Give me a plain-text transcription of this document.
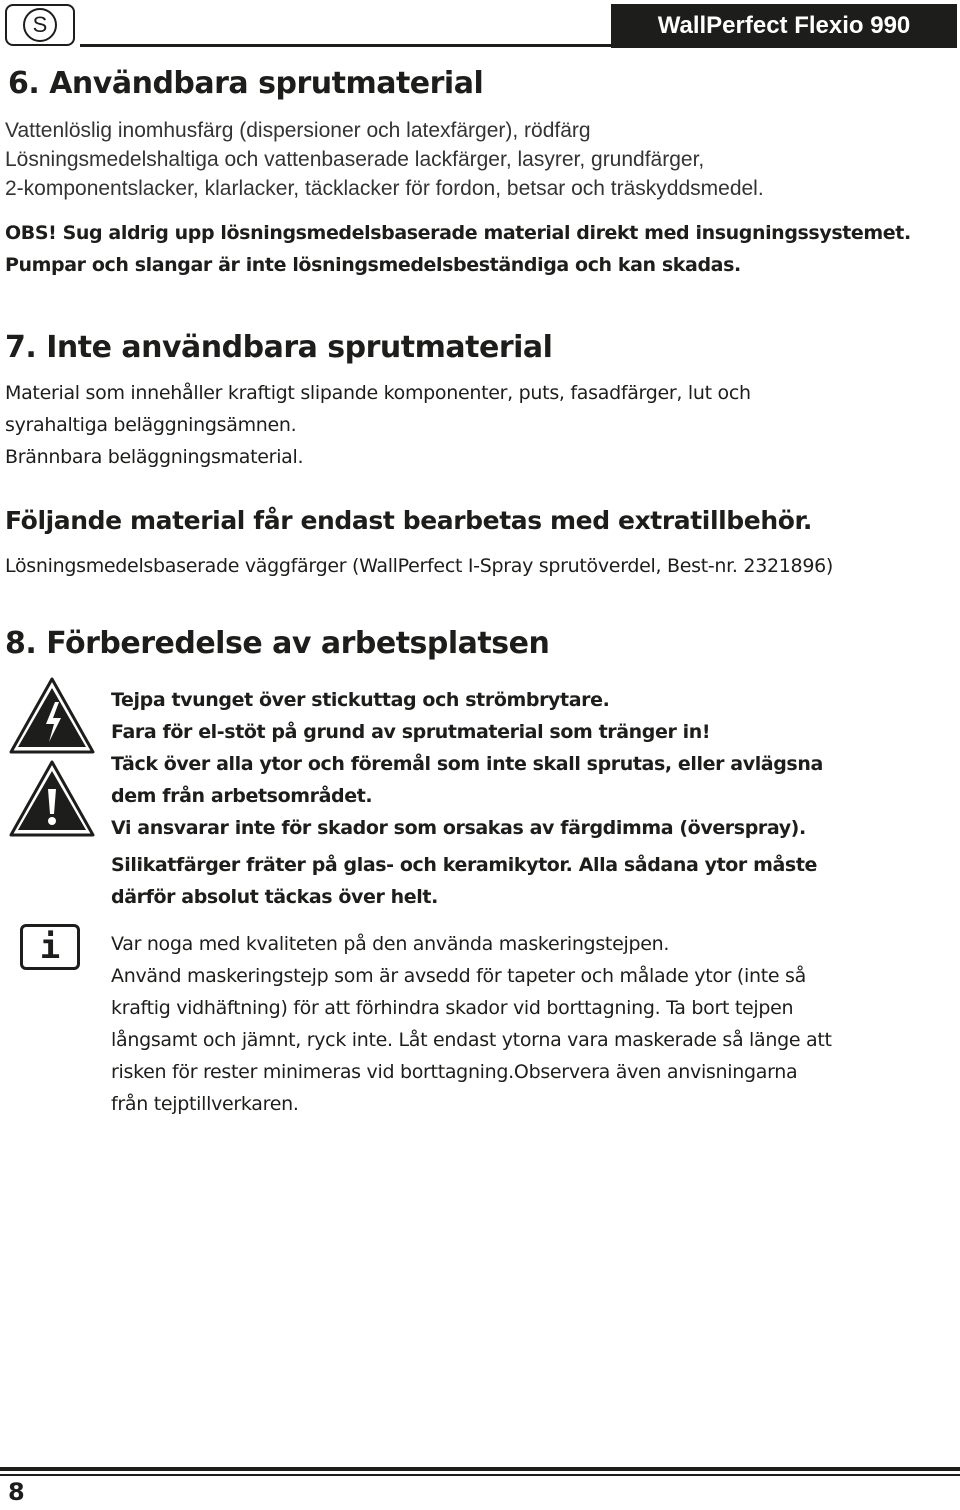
S	WallPerfect Flexio 990
6. Användbara sprutmaterial
Vattenlöslig inomhusfärg (dispersioner och latexfärger), rödfärg
Lösningsmedelshaltiga och vattenbaserade lackfärger, lasyrer, grundfärger,
2-komponentslacker, klarlacker, täcklacker för fordon, betsar och träskyddsmedel.
OBS! Sug aldrig upp lösningsmedelsbaserade material direkt med insugningssystemet.
Pumpar och slangar är inte lösningsmedelsbeständiga och kan skadas.
7. Inte användbara sprutmaterial
Material som innehåller kraftigt slipande komponenter, puts, fasadfärger, lut och
syrahaltiga beläggningsämnen.
Brännbara beläggningsmaterial.
Följande material får endast bearbetas med extratillbehör.
Lösningsmedelsbaserade väggfärger (WallPerfect I-Spray sprutöverdel, Best-nr. 2321896)
8. Förberedelse av arbetsplatsen
Tejpa tvunget över stickuttag och strömbrytare.
Fara för el-stöt på grund av sprutmaterial som tränger in!
Täck över alla ytor och föremål som inte skall sprutas, eller avlägsna
dem från arbetsområdet.
Vi ansvarar inte för skador som orsakas av färgdimma (överspray).
Silikatfärger fräter på glas- och keramikytor. Alla sådana ytor måste
därför absolut täckas över helt.
i	Var noga med kvaliteten på den använda maskeringstejpen.
Använd maskeringstejp som är avsedd för tapeter och målade ytor (inte så
kraftig vidhäftning) för att förhindra skador vid borttagning. Ta bort tejpen
långsamt och jämnt, ryck inte. Låt endast ytorna vara maskerade så länge att
risken för rester minimeras vid borttagning.Observera även anvisningarna
från tejptillverkaren.
8
